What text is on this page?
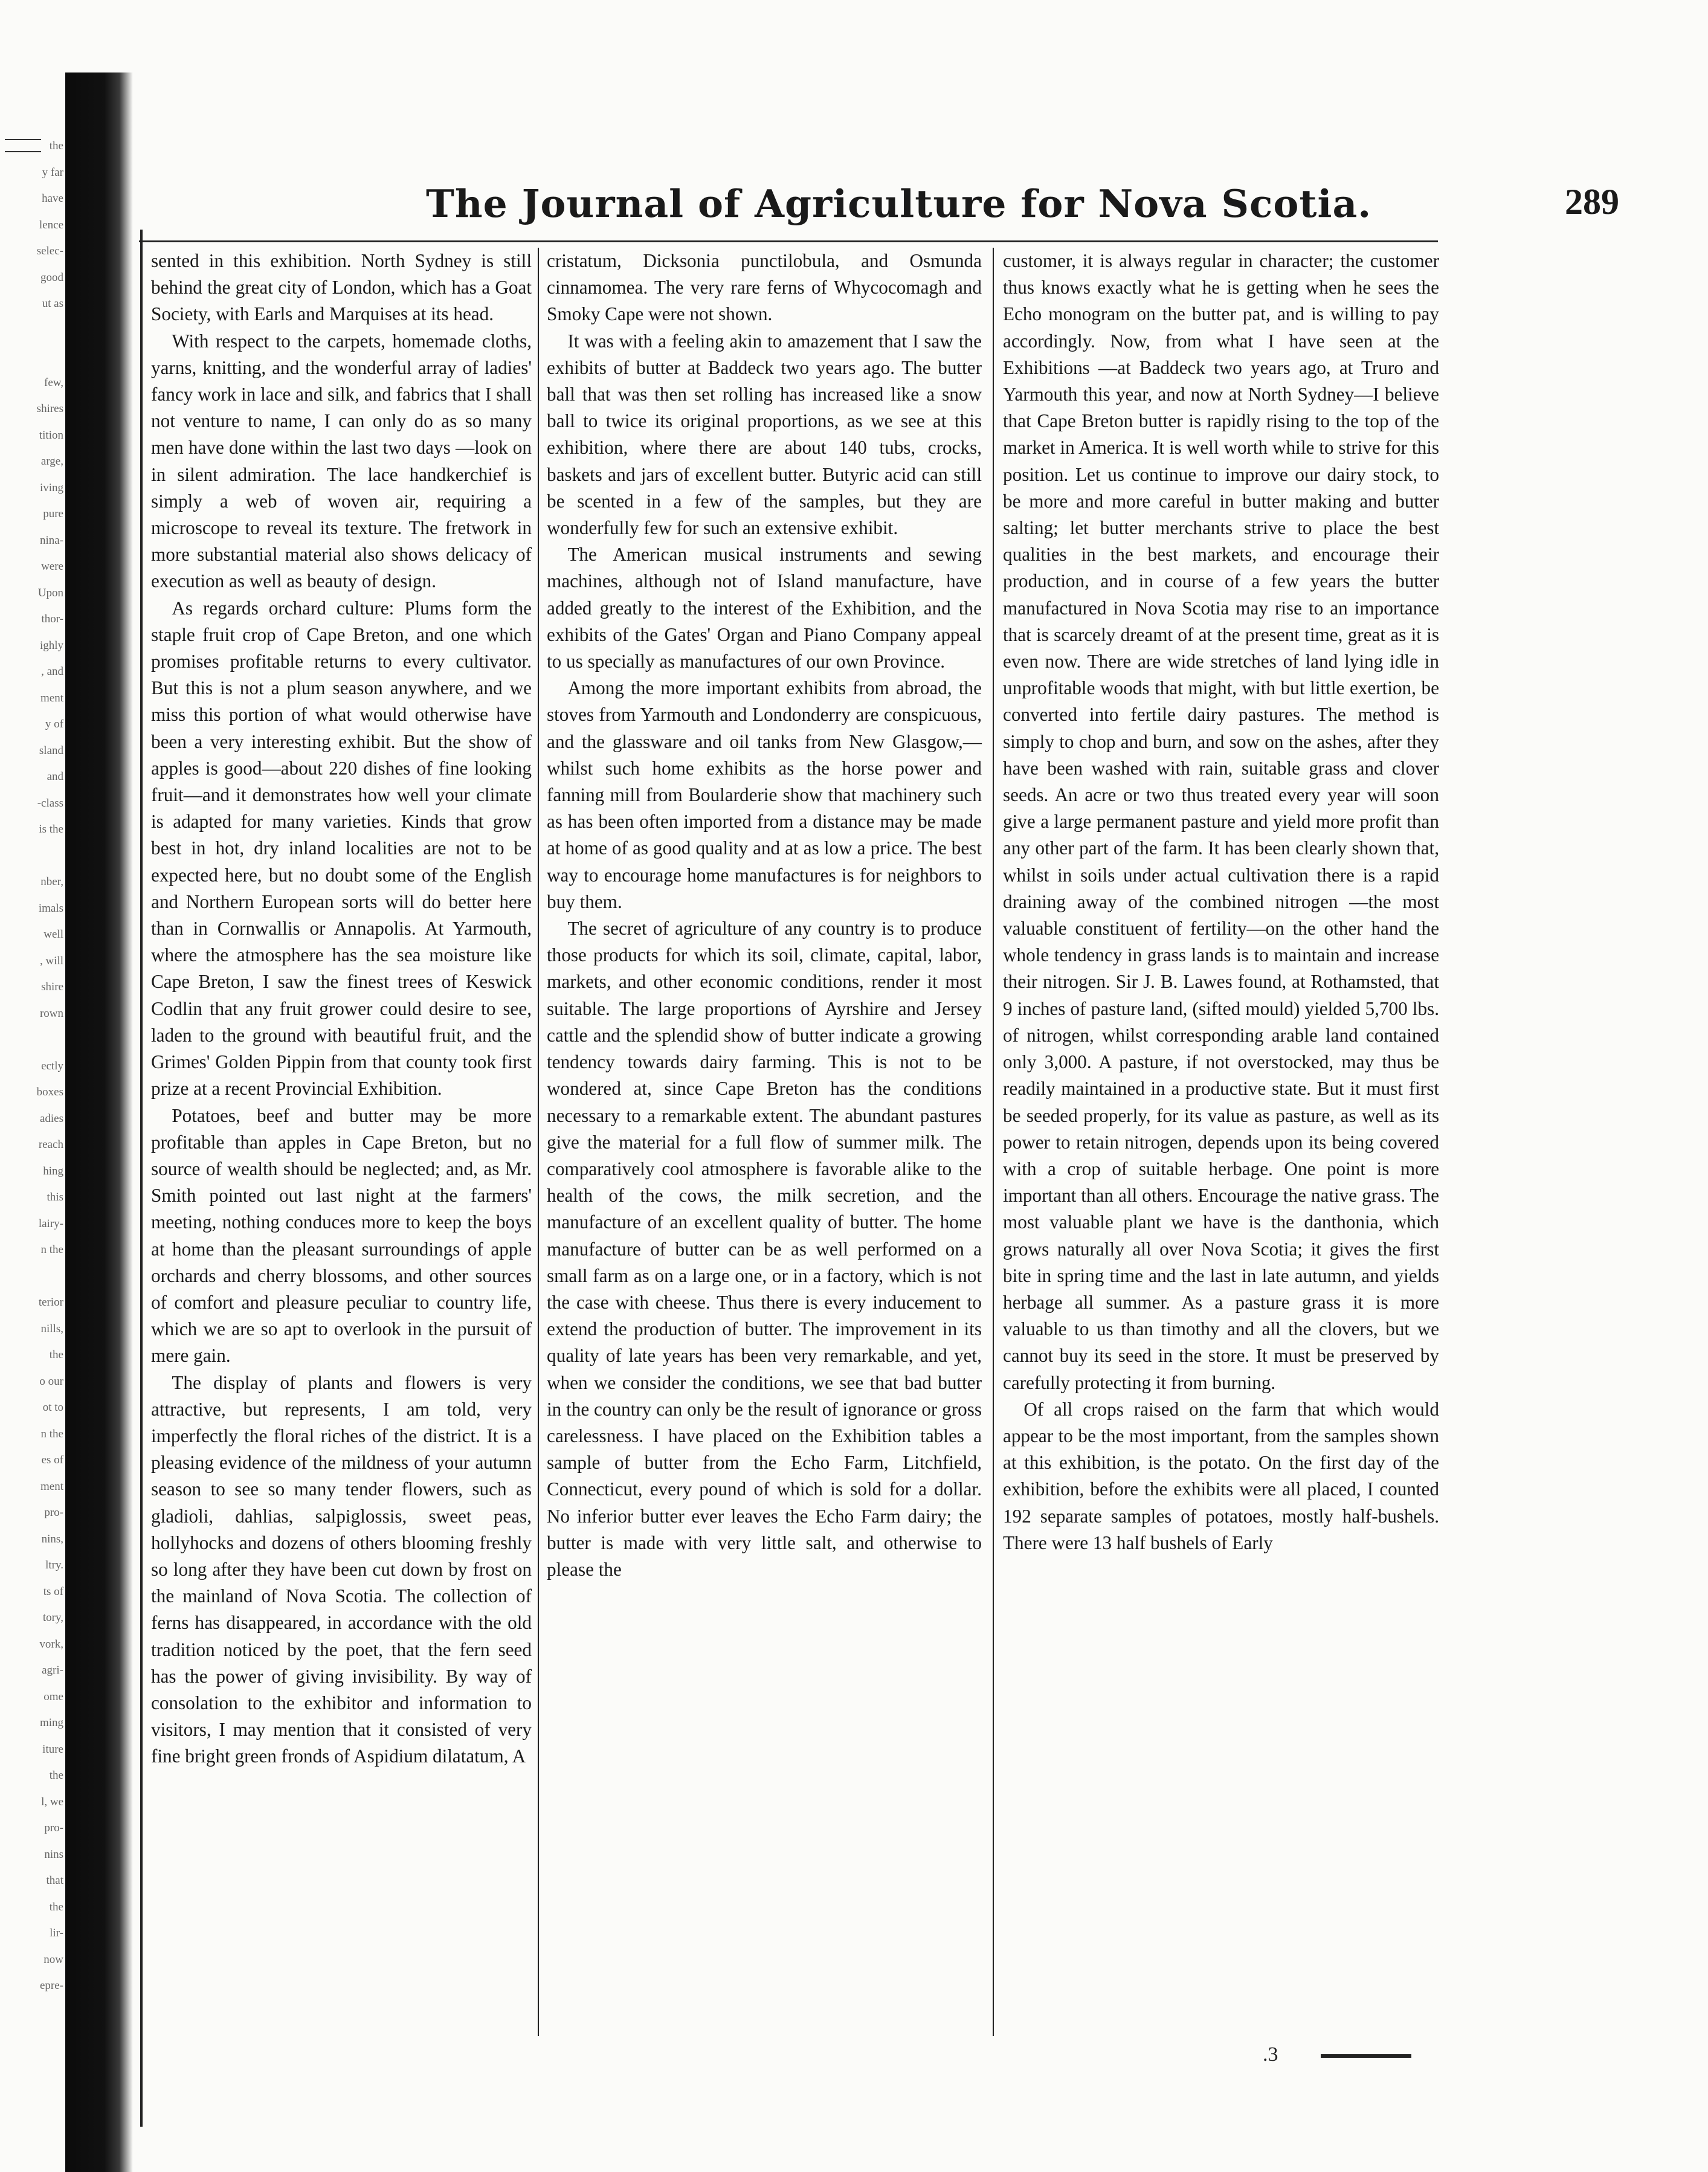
the
y far
have
lence
selec-
good
ut as
few,
shires
tition
arge,
iving
pure
nina-
were
Upon
thor-
ighly
, and
ment
y of
sland
and
-class
is the
nber,
imals
well
, will
shire
rown
ectly
boxes
adies
reach
hing
this
lairy-
n the
terior
nills,
the
o our
ot to
n the
es of
ment
pro-
nins,
ltry.
ts of
tory,
vork,
agri-
ome
ming
iture
the
l, we
pro-
nins
that
the
lir-
now
epre-
The Journal of Agriculture for Nova Scotia.	289

sented in this exhibition. North Sydney is still behind the great city of London, which has a Goat Society, with Earls and Marquises at its head.

With respect to the carpets, homemade cloths, yarns, knitting, and the wonderful array of ladies' fancy work in lace and silk, and fabrics that I shall not venture to name, I can only do as so many men have done within the last two days —look on in silent admiration. The lace handkerchief is simply a web of woven air, requiring a microscope to reveal its texture. The fretwork in more substantial material also shows delicacy of execution as well as beauty of design.

As regards orchard culture: Plums form the staple fruit crop of Cape Breton, and one which promises profitable returns to every cultivator. But this is not a plum season anywhere, and we miss this portion of what would otherwise have been a very interesting exhibit. But the show of apples is good—about 220 dishes of fine looking fruit—and it demonstrates how well your climate is adapted for many varieties. Kinds that grow best in hot, dry inland localities are not to be expected here, but no doubt some of the English and Northern European sorts will do better here than in Cornwallis or Annapolis. At Yarmouth, where the atmosphere has the sea moisture like Cape Breton, I saw the finest trees of Keswick Codlin that any fruit grower could desire to see, laden to the ground with beautiful fruit, and the Grimes' Golden Pippin from that county took first prize at a recent Provincial Exhibition.

Potatoes, beef and butter may be more profitable than apples in Cape Breton, but no source of wealth should be neglected; and, as Mr. Smith pointed out last night at the farmers' meeting, nothing conduces more to keep the boys at home than the pleasant surroundings of apple orchards and cherry blossoms, and other sources of comfort and pleasure peculiar to country life, which we are so apt to overlook in the pursuit of mere gain.

The display of plants and flowers is very attractive, but represents, I am told, very imperfectly the floral riches of the district. It is a pleasing evidence of the mildness of your autumn season to see so many tender flowers, such as gladioli, dahlias, salpiglossis, sweet peas, hollyhocks and dozens of others blooming freshly so long after they have been cut down by frost on the mainland of Nova Scotia. The collection of ferns has disappeared, in accordance with the old tradition noticed by the poet, that the fern seed has the power of giving invisibility. By way of consolation to the exhibitor and information to visitors, I may mention that it consisted of very fine bright green fronds of Aspidium dilatatum, A

cristatum, Dicksonia punctilobula, and Osmunda cinnamomea. The very rare ferns of Whycocomagh and Smoky Cape were not shown.

It was with a feeling akin to amazement that I saw the exhibits of butter at Baddeck two years ago. The butter ball that was then set rolling has increased like a snow ball to twice its original proportions, as we see at this exhibition, where there are about 140 tubs, crocks, baskets and jars of excellent butter. Butyric acid can still be scented in a few of the samples, but they are wonderfully few for such an extensive exhibit.

The American musical instruments and sewing machines, although not of Island manufacture, have added greatly to the interest of the Exhibition, and the exhibits of the Gates' Organ and Piano Company appeal to us specially as manufactures of our own Province.

Among the more important exhibits from abroad, the stoves from Yarmouth and Londonderry are conspicuous, and the glassware and oil tanks from New Glasgow,—whilst such home exhibits as the horse power and fanning mill from Boularderie show that machinery such as has been often imported from a distance may be made at home of as good quality and at as low a price. The best way to encourage home manufactures is for neighbors to buy them.

The secret of agriculture of any country is to produce those products for which its soil, climate, capital, labor, markets, and other economic conditions, render it most suitable. The large proportions of Ayrshire and Jersey cattle and the splendid show of butter indicate a growing tendency towards dairy farming. This is not to be wondered at, since Cape Breton has the conditions necessary to a remarkable extent. The abundant pastures give the material for a full flow of summer milk. The comparatively cool atmosphere is favorable alike to the health of the cows, the milk secretion, and the manufacture of an excellent quality of butter. The home manufacture of butter can be as well performed on a small farm as on a large one, or in a factory, which is not the case with cheese. Thus there is every inducement to extend the production of butter. The improvement in its quality of late years has been very remarkable, and yet, when we consider the conditions, we see that bad butter in the country can only be the result of ignorance or gross carelessness. I have placed on the Exhibition tables a sample of butter from the Echo Farm, Litchfield, Connecticut, every pound of which is sold for a dollar. No inferior butter ever leaves the Echo Farm dairy; the butter is made with very little salt, and otherwise to please the

customer, it is always regular in character; the customer thus knows exactly what he is getting when he sees the Echo monogram on the butter pat, and is willing to pay accordingly. Now, from what I have seen at the Exhibitions —at Baddeck two years ago, at Truro and Yarmouth this year, and now at North Sydney—I believe that Cape Breton butter is rapidly rising to the top of the market in America. It is well worth while to strive for this position. Let us continue to improve our dairy stock, to be more and more careful in butter making and butter salting; let butter merchants strive to place the best qualities in the best markets, and encourage their production, and in course of a few years the butter manufactured in Nova Scotia may rise to an importance that is scarcely dreamt of at the present time, great as it is even now. There are wide stretches of land lying idle in unprofitable woods that might, with but little exertion, be converted into fertile dairy pastures. The method is simply to chop and burn, and sow on the ashes, after they have been washed with rain, suitable grass and clover seeds. An acre or two thus treated every year will soon give a large permanent pasture and yield more profit than any other part of the farm. It has been clearly shown that, whilst in soils under actual cultivation there is a rapid draining away of the combined nitrogen —the most valuable constituent of fertility—on the other hand the whole tendency in grass lands is to maintain and increase their nitrogen. Sir J. B. Lawes found, at Rothamsted, that 9 inches of pasture land, (sifted mould) yielded 5,700 lbs. of nitrogen, whilst corresponding arable land contained only 3,000. A pasture, if not overstocked, may thus be readily maintained in a productive state. But it must first be seeded properly, for its value as pasture, as well as its power to retain nitrogen, depends upon its being covered with a crop of suitable herbage. One point is more important than all others. Encourage the native grass. The most valuable plant we have is the danthonia, which grows naturally all over Nova Scotia; it gives the first bite in spring time and the last in late autumn, and yields herbage all summer. As a pasture grass it is more valuable to us than timothy and all the clovers, but we cannot buy its seed in the store. It must be preserved by carefully protecting it from burning.

Of all crops raised on the farm that which would appear to be the most important, from the samples shown at this exhibition, is the potato. On the first day of the exhibition, before the exhibits were all placed, I counted 192 separate samples of potatoes, mostly half-bushels. There were 13 half bushels of Early

.3
